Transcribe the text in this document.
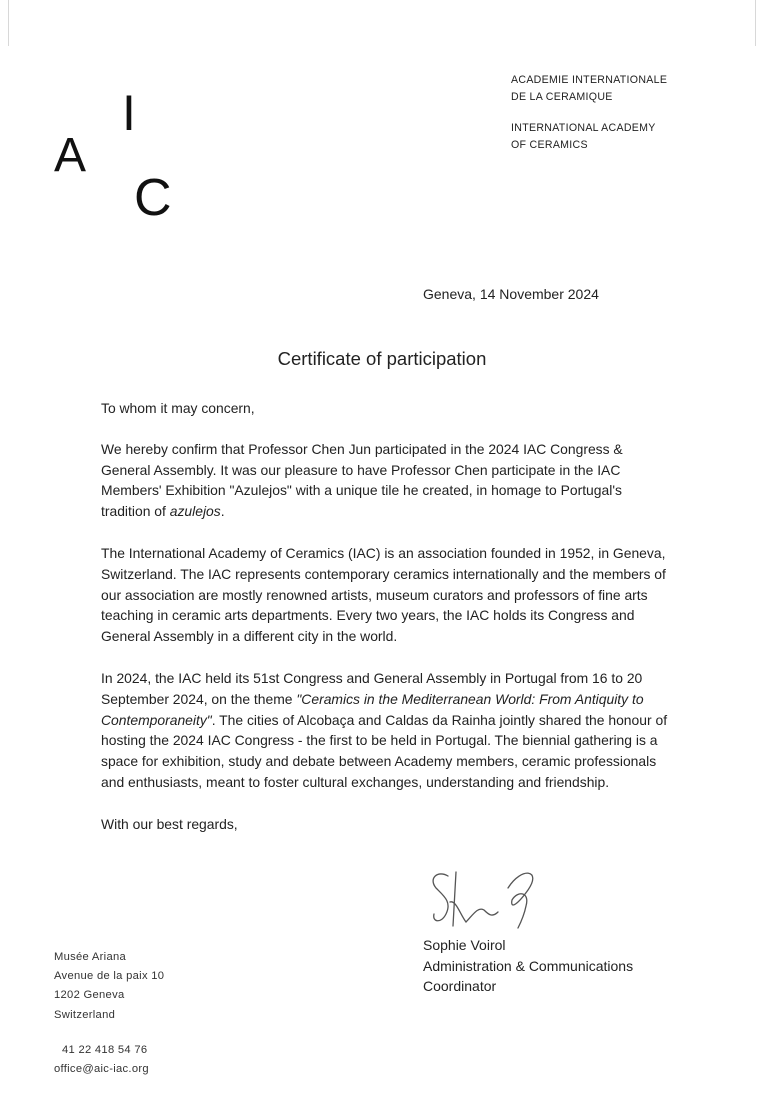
A
I
C
ACADEMIE INTERNATIONALE
DE LA CERAMIQUE
INTERNATIONAL ACADEMY
OF CERAMICS
Geneva, 14 November 2024
Certificate of participation

To whom it may concern,

We hereby confirm that Professor Chen Jun participated in the 2024 IAC Congress & General Assembly. It was our pleasure to have Professor Chen participate in the IAC Members' Exhibition "Azulejos" with a unique tile he created, in homage to Portugal's tradition of azulejos.

The International Academy of Ceramics (IAC) is an association founded in 1952, in Geneva, Switzerland. The IAC represents contemporary ceramics internationally and the members of our association are mostly renowned artists, museum curators and professors of fine arts teaching in ceramic arts departments. Every two years, the IAC holds its Congress and General Assembly in a different city in the world.

In 2024, the IAC held its 51st Congress and General Assembly in Portugal from 16 to 20 September 2024, on the theme "Ceramics in the Mediterranean World: From Antiquity to Contemporaneity". The cities of Alcobaça and Caldas da Rainha jointly shared the honour of hosting the 2024 IAC Congress - the first to be held in Portugal. The biennial gathering is a space for exhibition, study and debate between Academy members, ceramic professionals and enthusiasts, meant to foster cultural exchanges, understanding and friendship.

With our best regards,

Sophie Voirol
Administration & Communications
Coordinator
Musée Ariana
Avenue de la paix 10
1202 Geneva
Switzerland
41 22 418 54 76
office@aic-iac.org
